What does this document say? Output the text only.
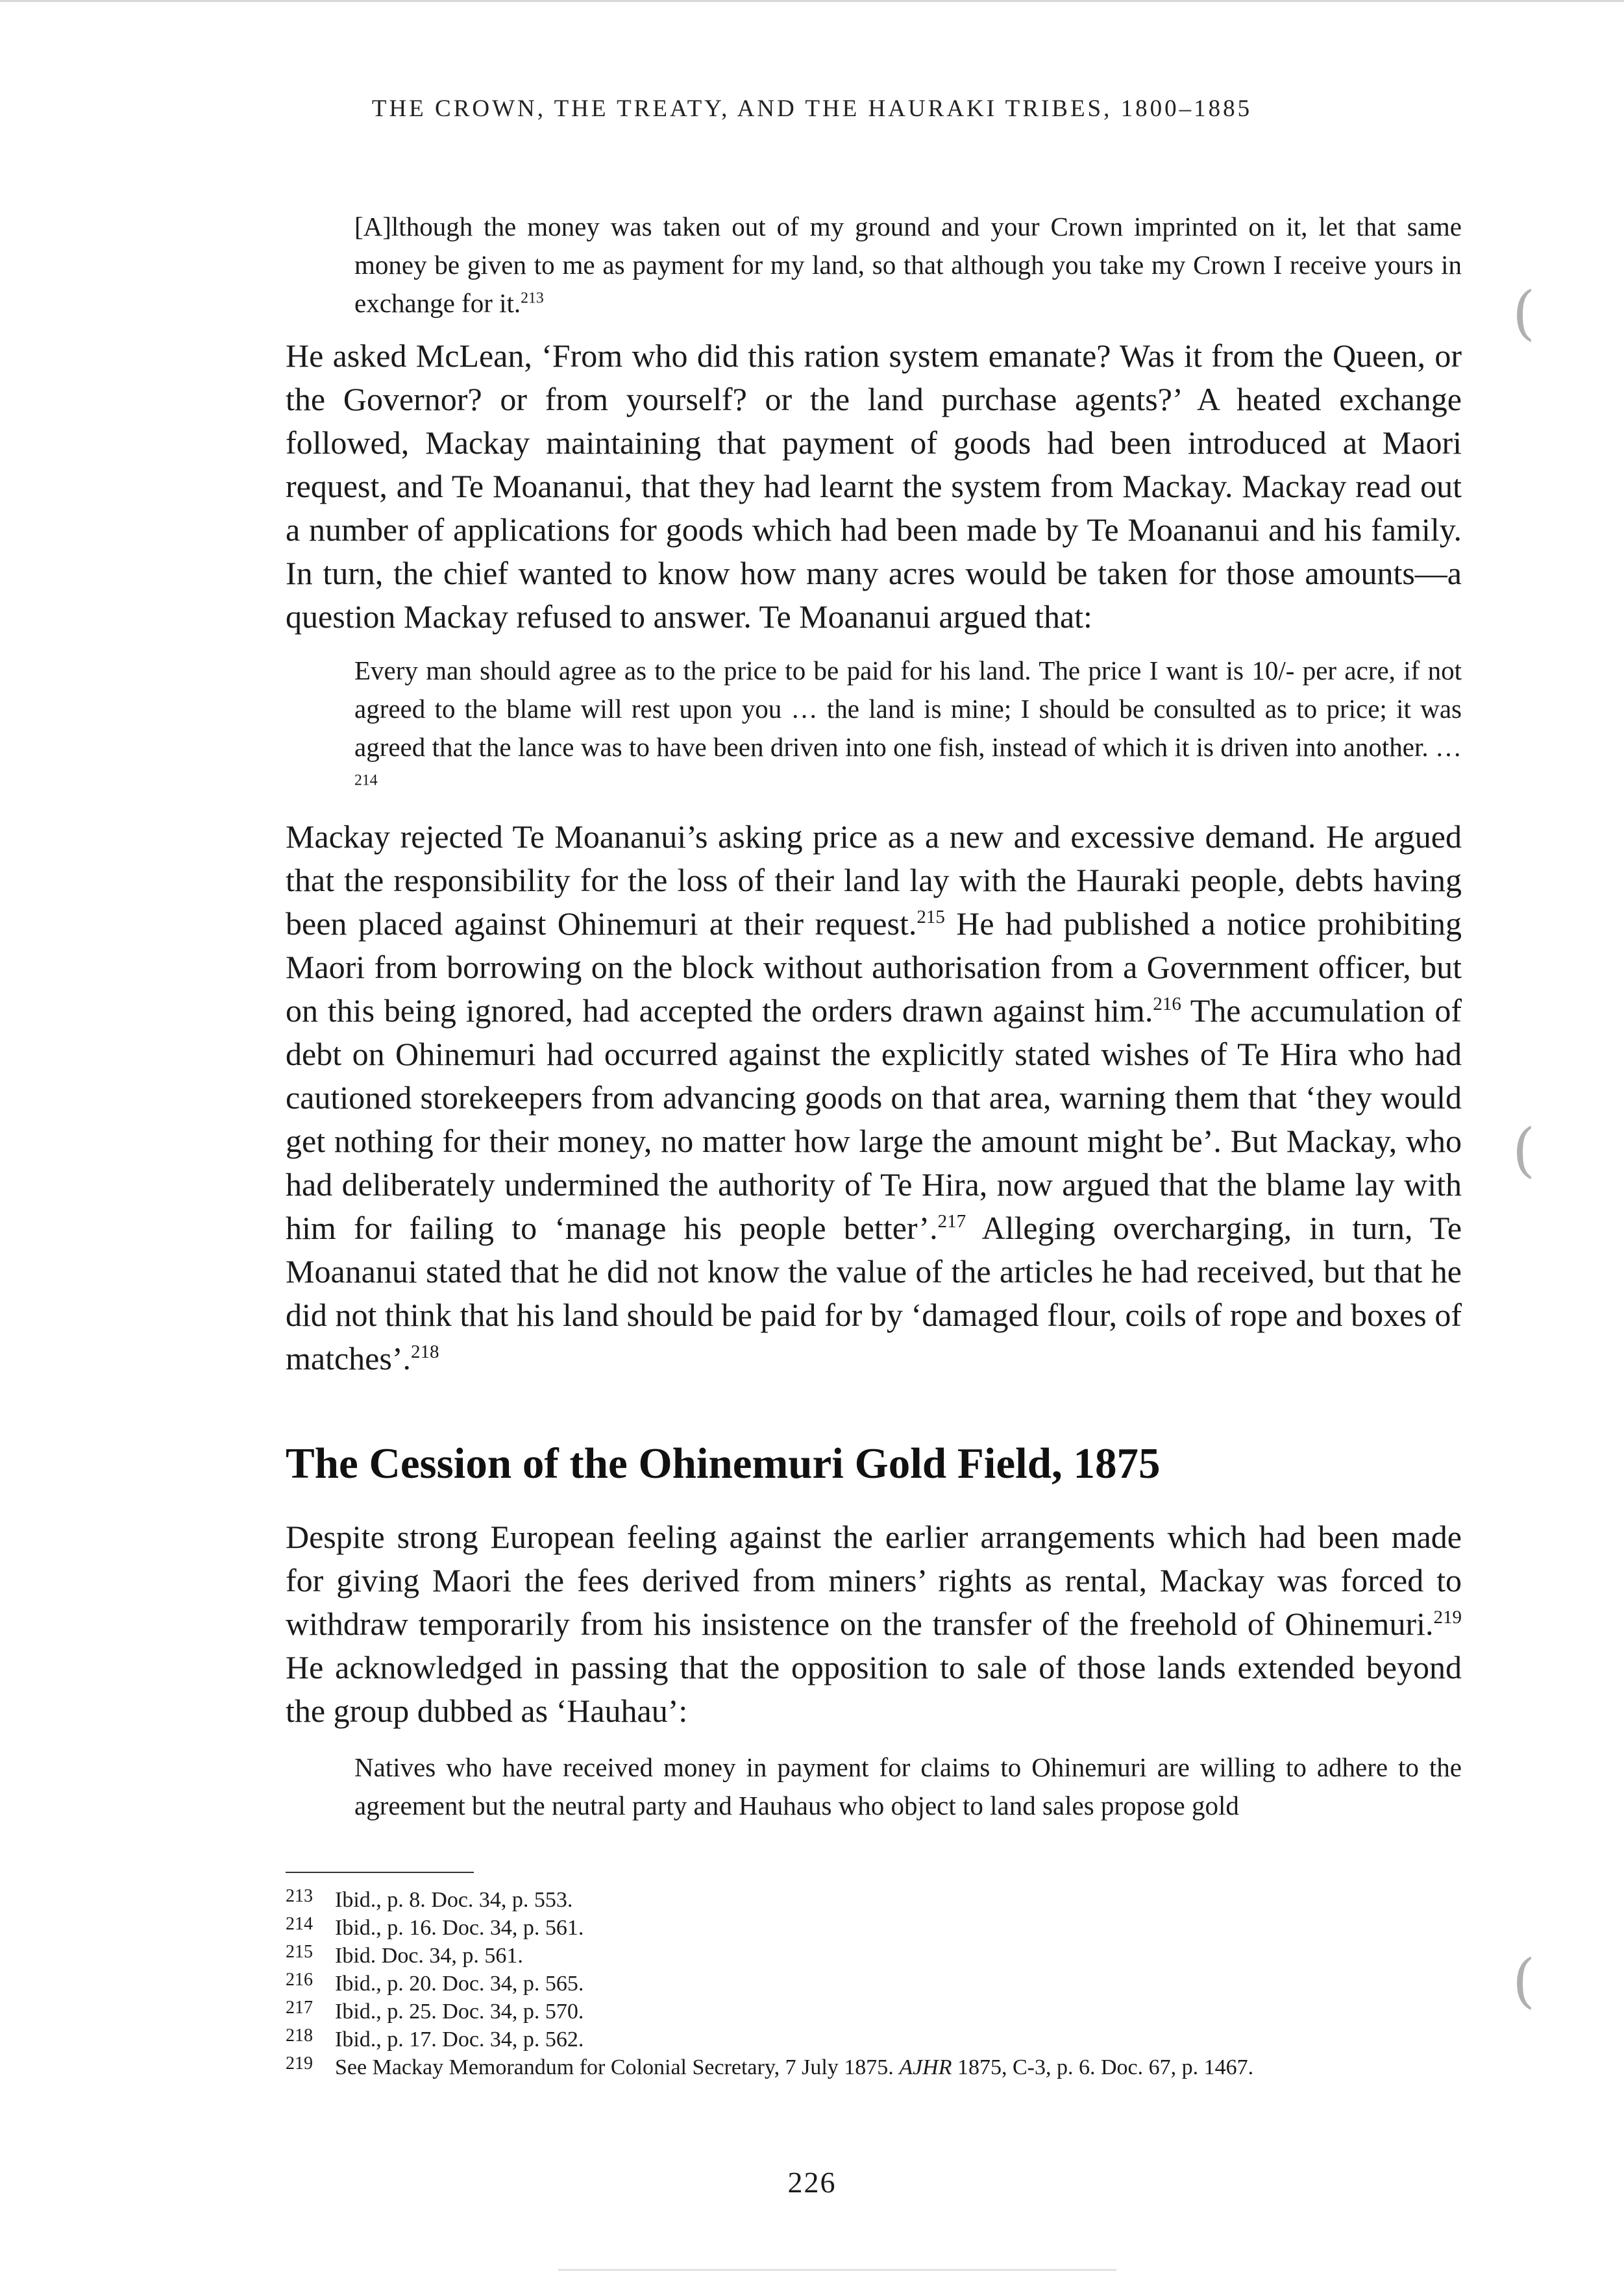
THE CROWN, THE TREATY, AND THE HAURAKI TRIBES, 1800–1885

[A]lthough the money was taken out of my ground and your Crown imprinted on it, let that same money be given to me as payment for my land, so that although you take my Crown I receive yours in exchange for it.$^{213}$

He asked McLean, ‘From who did this ration system emanate? Was it from the Queen, or the Governor? or from yourself? or the land purchase agents?’ A heated exchange followed, Mackay maintaining that payment of goods had been introduced at Maori request, and Te Moananui, that they had learnt the system from Mackay. Mackay read out a number of applications for goods which had been made by Te Moananui and his family. In turn, the chief wanted to know how many acres would be taken for those amounts—a question Mackay refused to answer. Te Moananui argued that:

Every man should agree as to the price to be paid for his land. The price I want is 10/- per acre, if not agreed to the blame will rest upon you … the land is mine; I should be consulted as to price; it was agreed that the lance was to have been driven into one fish, instead of which it is driven into another. …$^{214}$

Mackay rejected Te Moananui’s asking price as a new and excessive demand. He argued that the responsibility for the loss of their land lay with the Hauraki people, debts having been placed against Ohinemuri at their request.$^{215}$ He had published a notice prohibiting Maori from borrowing on the block without authorisation from a Government officer, but on this being ignored, had accepted the orders drawn against him.$^{216}$ The accumulation of debt on Ohinemuri had occurred against the explicitly stated wishes of Te Hira who had cautioned storekeepers from advancing goods on that area, warning them that ‘they would get nothing for their money, no matter how large the amount might be’. But Mackay, who had deliberately undermined the authority of Te Hira, now argued that the blame lay with him for failing to ‘manage his people better’.$^{217}$ Alleging overcharging, in turn, Te Moananui stated that he did not know the value of the articles he had received, but that he did not think that his land should be paid for by ‘damaged flour, coils of rope and boxes of matches’.$^{218}$

The Cession of the Ohinemuri Gold Field, 1875

Despite strong European feeling against the earlier arrangements which had been made for giving Maori the fees derived from miners’ rights as rental, Mackay was forced to withdraw temporarily from his insistence on the transfer of the freehold of Ohinemuri.$^{219}$ He acknowledged in passing that the opposition to sale of those lands extended beyond the group dubbed as ‘Hauhau’:

Natives who have received money in payment for claims to Ohinemuri are willing to adhere to the agreement but the neutral party and Hauhaus who object to land sales propose gold

213	Ibid., p. 8. Doc. 34, p. 553.
214	Ibid., p. 16. Doc. 34, p. 561.
215	Ibid. Doc. 34, p. 561.
216	Ibid., p. 20. Doc. 34, p. 565.
217	Ibid., p. 25. Doc. 34, p. 570.
218	Ibid., p. 17. Doc. 34, p. 562.
219	See Mackay Memorandum for Colonial Secretary, 7 July 1875. AJHR 1875, C-3, p. 6. Doc. 67, p. 1467.
226
(
(
(
